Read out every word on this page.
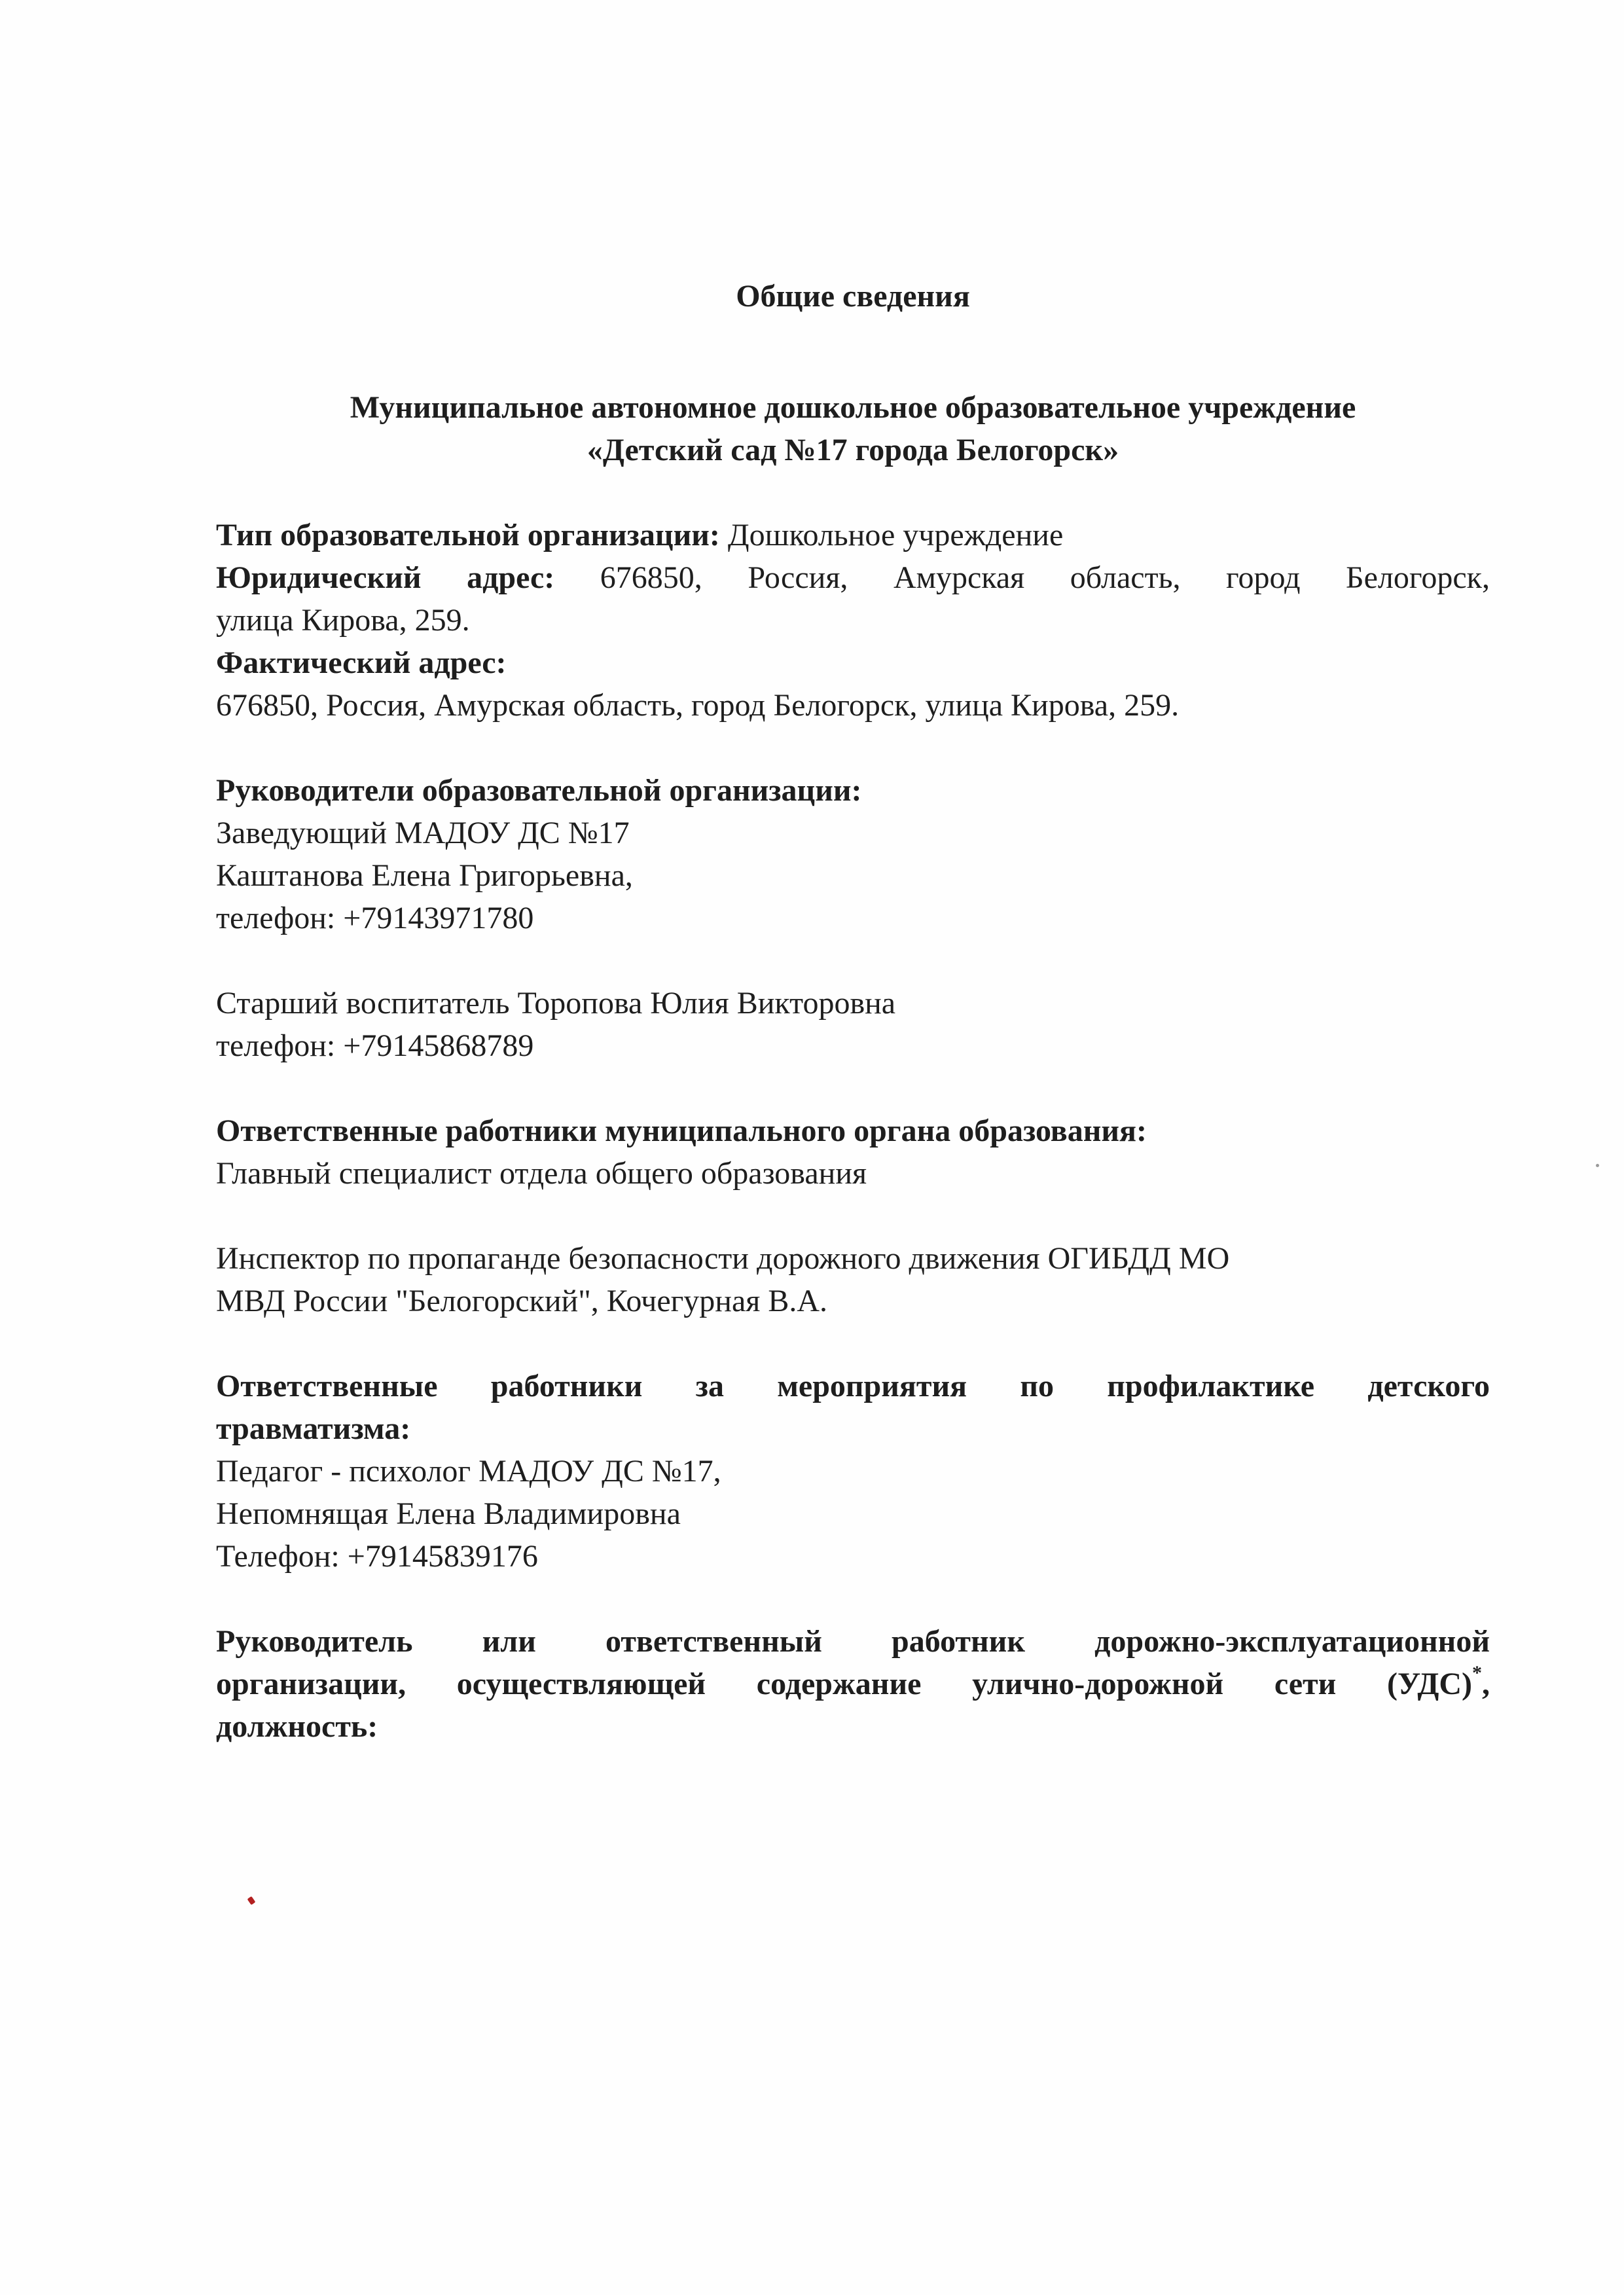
Общие сведения

Муниципальное автономное дошкольное образовательное учреждение
«Детский сад №17 города Белогорск»

Тип образовательной организации: Дошкольное учреждение

Юридический адрес: 676850, Россия, Амурская область, город Белогорск,

улица Кирова, 259.

Фактический адрес:

676850, Россия, Амурская область, город Белогорск, улица Кирова, 259.

Руководители образовательной организации:

Заведующий МАДОУ ДС №17

Каштанова Елена Григорьевна,

телефон: +79143971780

Старший воспитатель Торопова Юлия Викторовна

телефон: +79145868789

Ответственные работники муниципального органа образования:

Главный специалист отдела общего образования

Инспектор по пропаганде безопасности дорожного движения ОГИБДД МО

МВД России "Белогорский", Кочегурная В.А.

Ответственные работники за мероприятия по профилактике детского

травматизма:

Педагог - психолог МАДОУ ДС №17,

Непомнящая Елена Владимировна

Телефон: +79145839176

Руководитель или ответственный работник дорожно-эксплуатационной

организации, осуществляющей содержание улично-дорожной сети (УДС)*,

должность:
